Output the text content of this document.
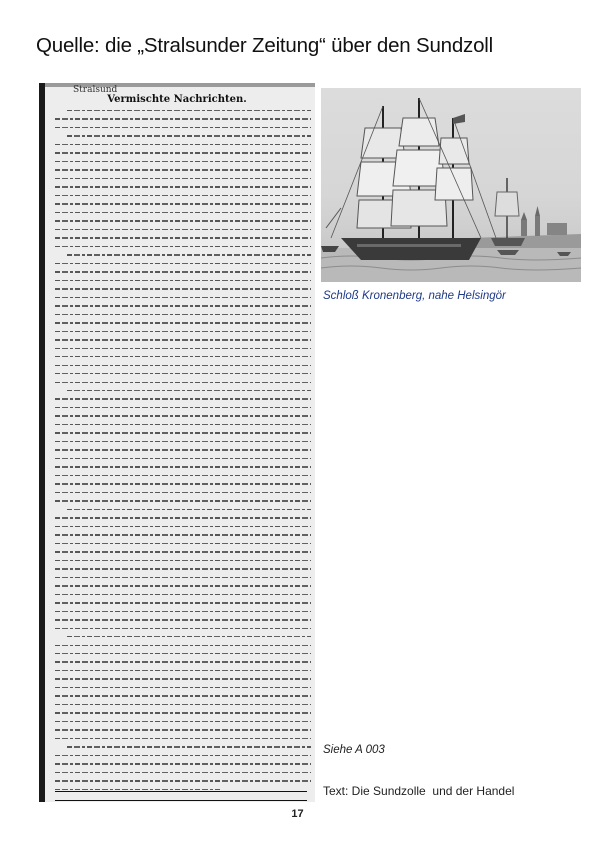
Quelle: die „Stralsunder Zeitung“ über den Sundzoll
Stralsund
Vermischte Nachrichten.
Schloß Kronenberg, nahe Helsingör
Siehe A 003
Text: Die Sundzolle  und der Handel
17
